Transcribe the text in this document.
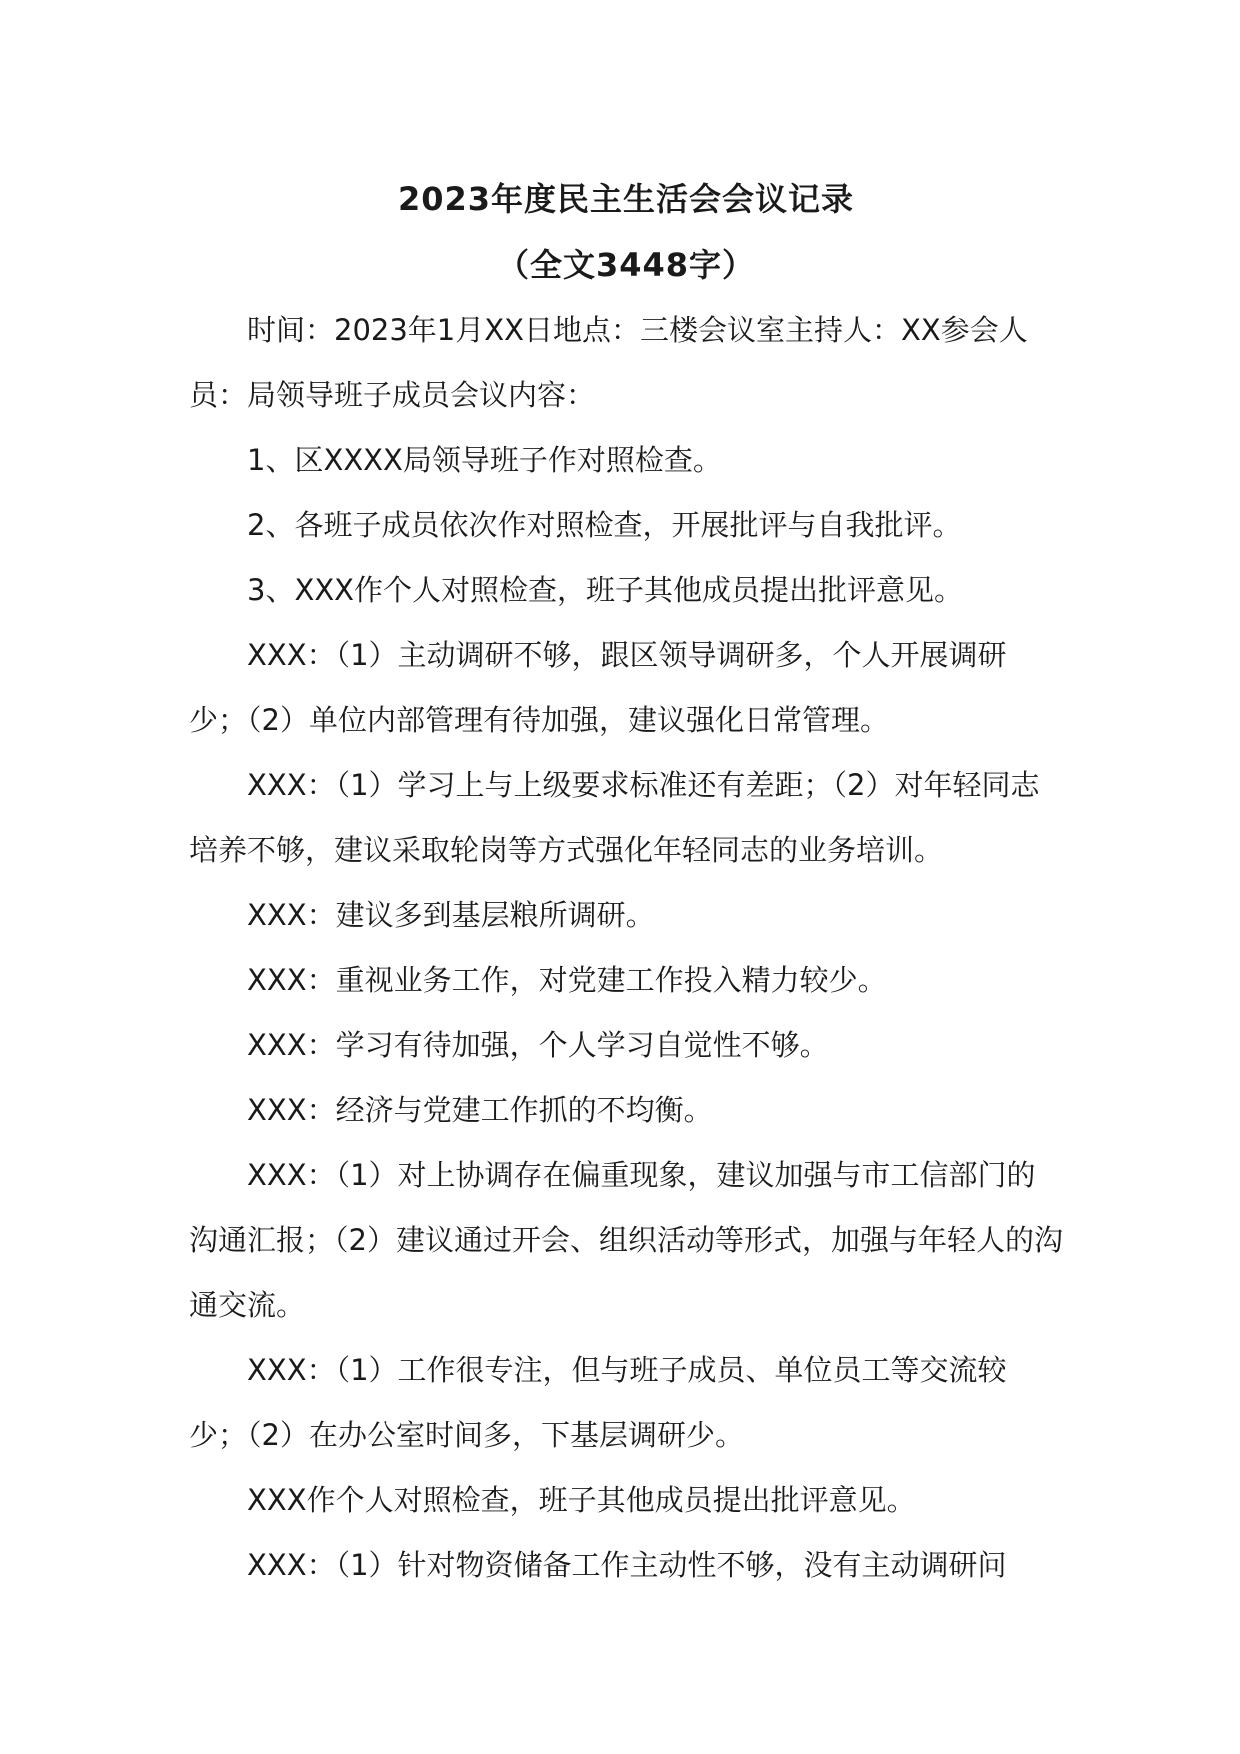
2023年度民主生活会会议记录
（全文3448字）

时间：2023年1月XX日地点：三楼会议室主持人：XX参会人员：局领导班子成员会议内容：

1、区XXXX局领导班子作对照检查。

2、各班子成员依次作对照检查，开展批评与自我批评。

3、XXX作个人对照检查，班子其他成员提出批评意见。

XXX：（1）主动调研不够，跟区领导调研多，个人开展调研少；（2）单位内部管理有待加强，建议强化日常管理。

XXX：（1）学习上与上级要求标准还有差距；（2）对年轻同志培养不够，建议采取轮岗等方式强化年轻同志的业务培训。

XXX：建议多到基层粮所调研。

XXX：重视业务工作，对党建工作投入精力较少。

XXX：学习有待加强，个人学习自觉性不够。

XXX：经济与党建工作抓的不均衡。

XXX：（1）对上协调存在偏重现象，建议加强与市工信部门的沟通汇报；（2）建议通过开会、组织活动等形式，加强与年轻人的沟通交流。

XXX：（1）工作很专注，但与班子成员、单位员工等交流较少；（2）在办公室时间多，下基层调研少。

XXX作个人对照检查，班子其他成员提出批评意见。

XXX：（1）针对物资储备工作主动性不够，没有主动调研问
